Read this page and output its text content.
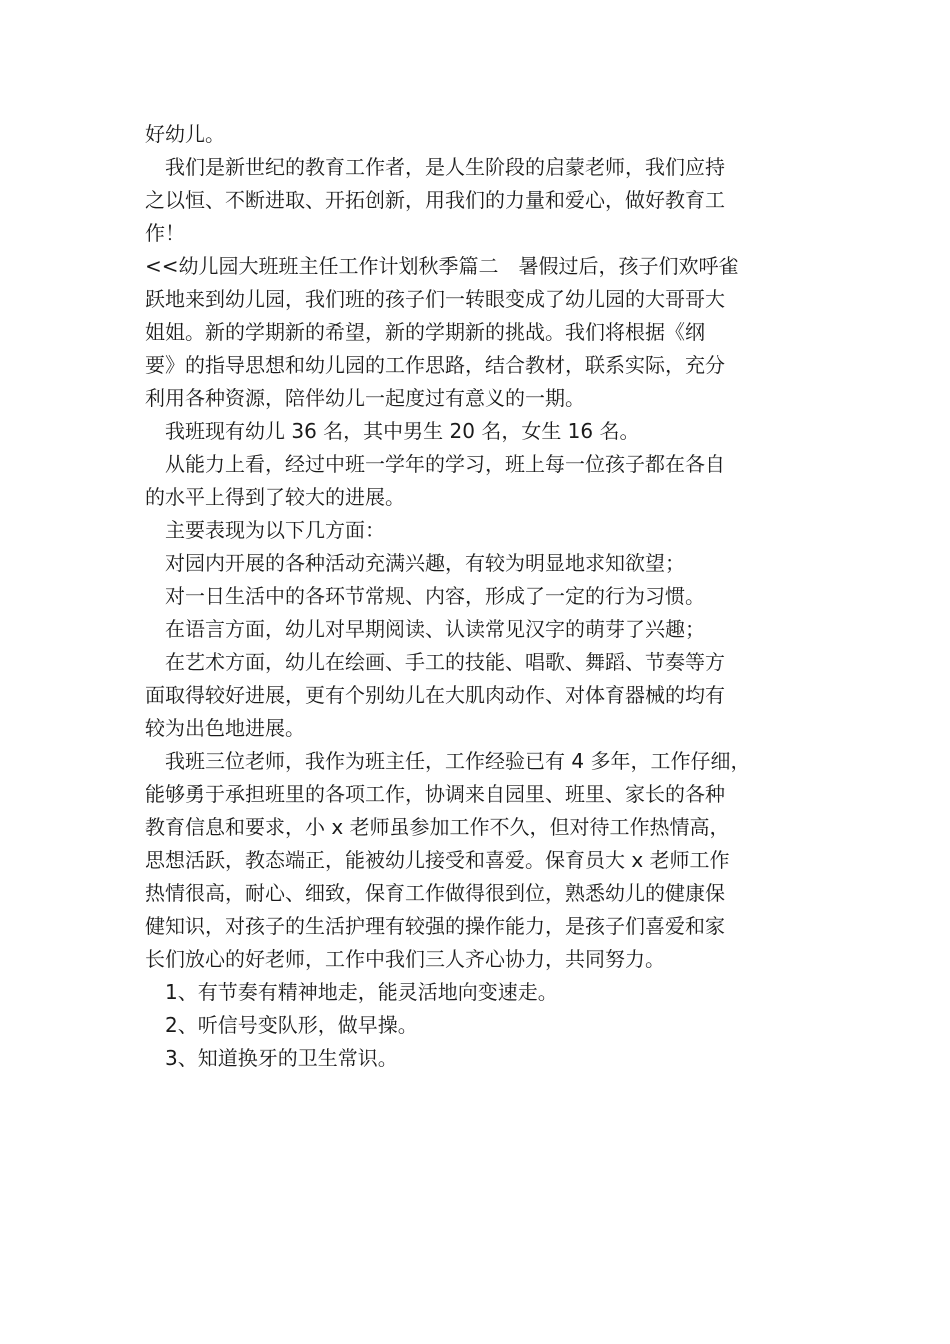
好幼儿。
　我们是新世纪的教育工作者，是人生阶段的启蒙老师，我们应持
之以恒、不断进取、开拓创新，用我们的力量和爱心，做好教育工
作！
<<幼儿园大班班主任工作计划秋季篇二　暑假过后，孩子们欢呼雀
跃地来到幼儿园，我们班的孩子们一转眼变成了幼儿园的大哥哥大
姐姐。新的学期新的希望，新的学期新的挑战。我们将根据《纲
要》的指导思想和幼儿园的工作思路，结合教材，联系实际，充分
利用各种资源，陪伴幼儿一起度过有意义的一期。
　我班现有幼儿 36 名，其中男生 20 名，女生 16 名。
　从能力上看，经过中班一学年的学习，班上每一位孩子都在各自
的水平上得到了较大的进展。
　主要表现为以下几方面：
　对园内开展的各种活动充满兴趣，有较为明显地求知欲望；
　对一日生活中的各环节常规、内容，形成了一定的行为习惯。
　在语言方面，幼儿对早期阅读、认读常见汉字的萌芽了兴趣；
　在艺术方面，幼儿在绘画、手工的技能、唱歌、舞蹈、节奏等方
面取得较好进展，更有个别幼儿在大肌肉动作、对体育器械的均有
较为出色地进展。
　我班三位老师，我作为班主任，工作经验已有 4 多年，工作仔细，
能够勇于承担班里的各项工作，协调来自园里、班里、家长的各种
教育信息和要求，小 x 老师虽参加工作不久，但对待工作热情高，
思想活跃，教态端正，能被幼儿接受和喜爱。保育员大 x 老师工作
热情很高，耐心、细致，保育工作做得很到位，熟悉幼儿的健康保
健知识，对孩子的生活护理有较强的操作能力，是孩子们喜爱和家
长们放心的好老师，工作中我们三人齐心协力，共同努力。
　1、有节奏有精神地走，能灵活地向变速走。
　2、听信号变队形，做早操。
　3、知道换牙的卫生常识。
